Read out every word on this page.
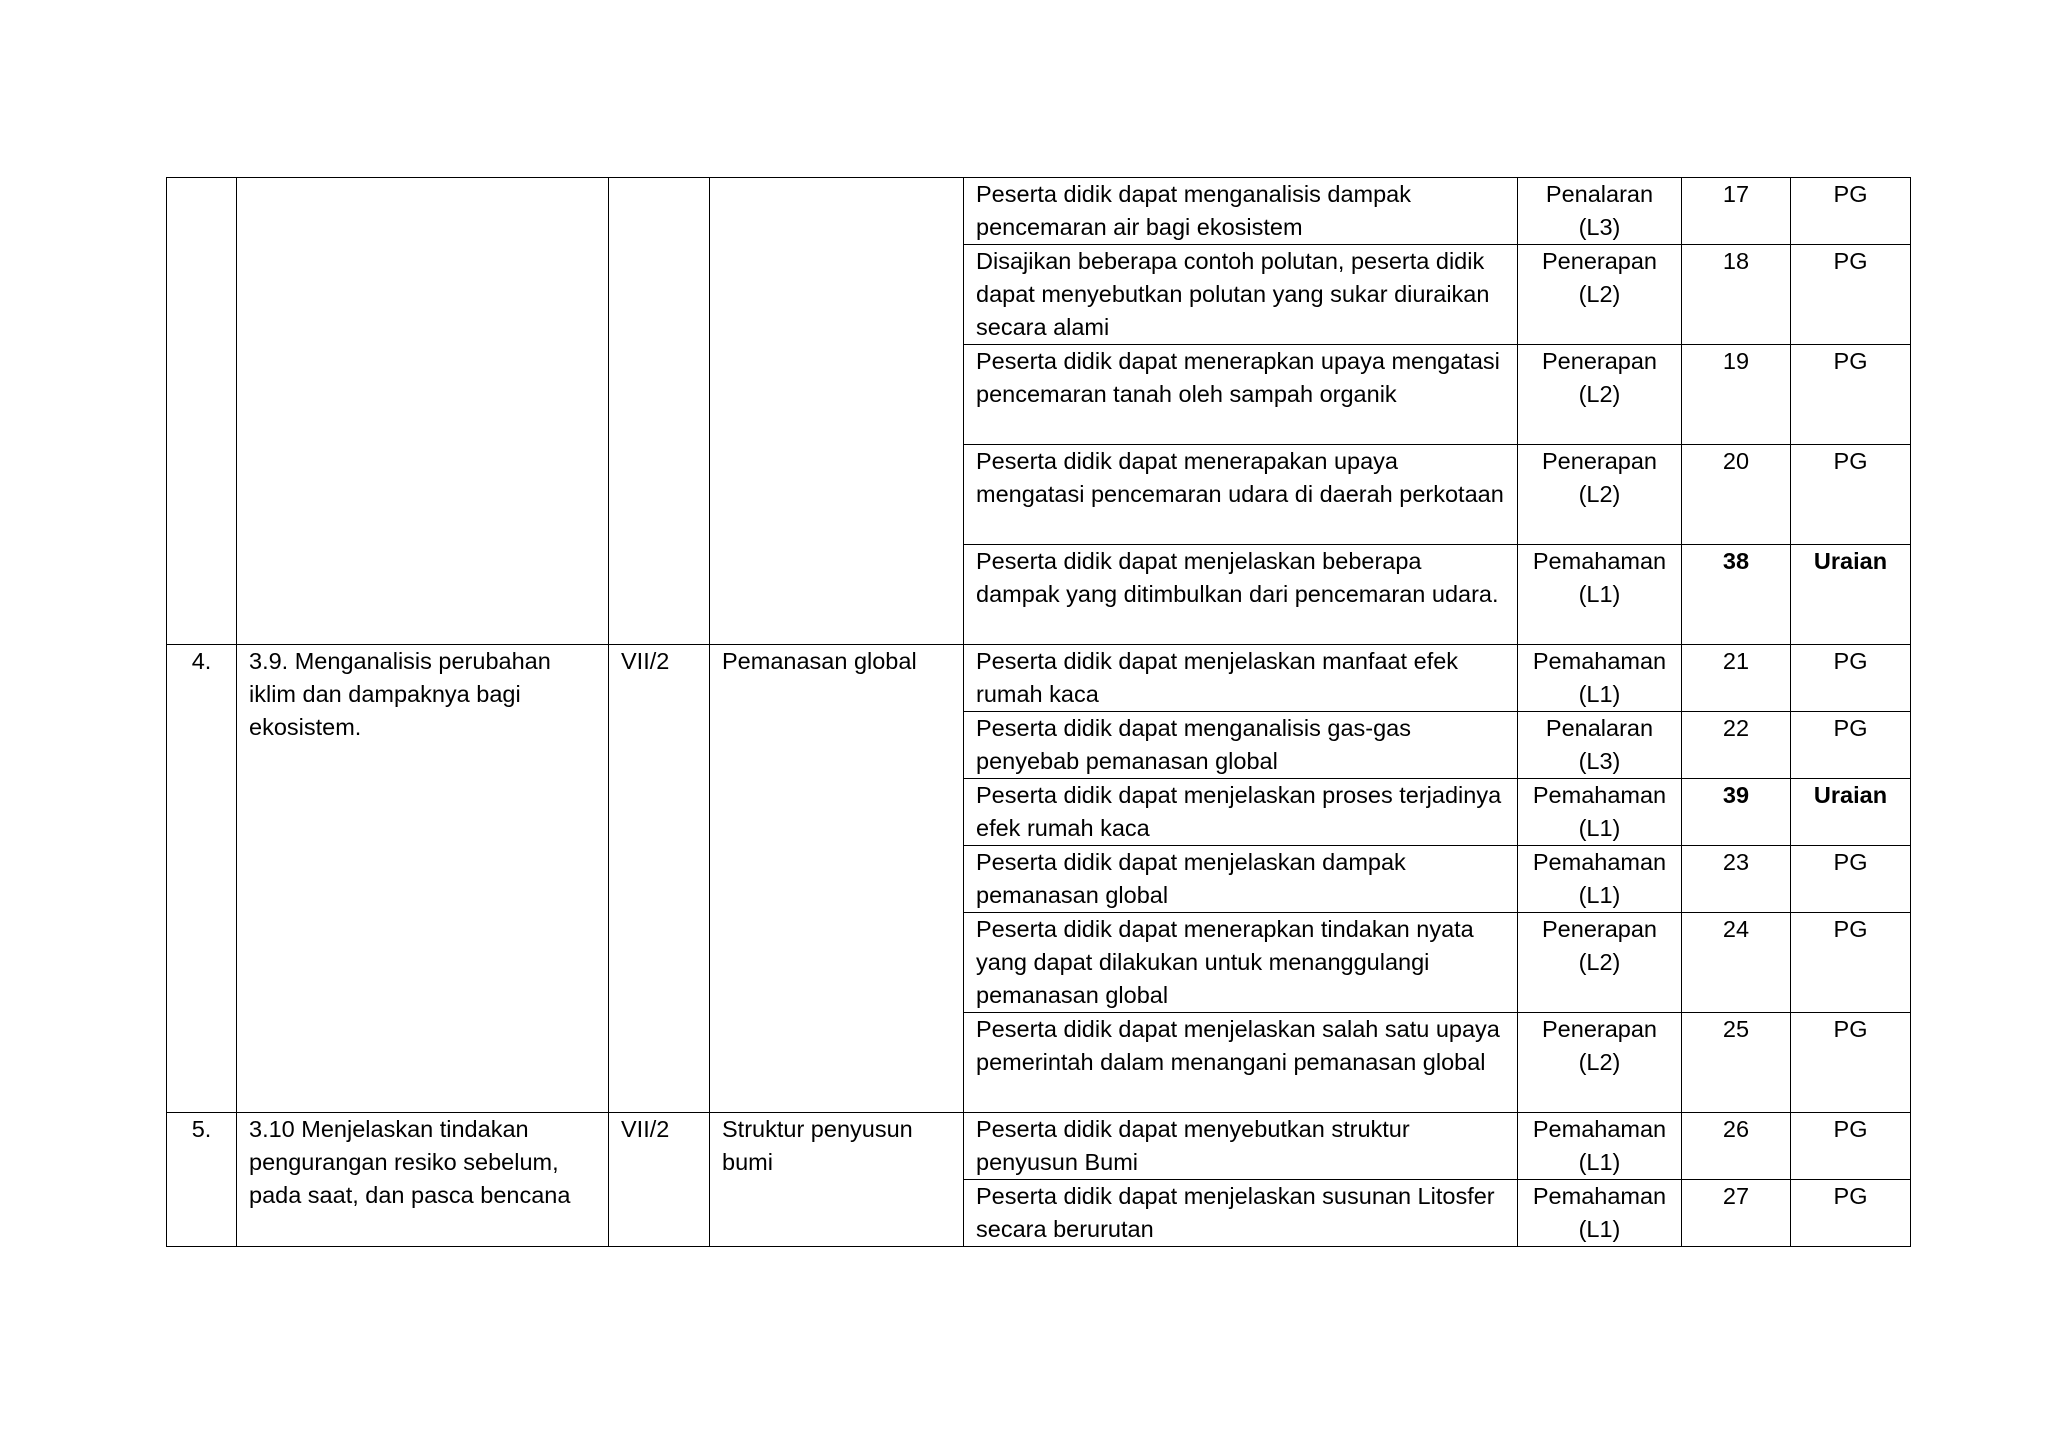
				Peserta didik dapat menganalisis dampak pencemaran air bagi ekosistem	Penalaran (L3)	17	PG

				Disajikan beberapa contoh polutan, peserta didik dapat menyebutkan polutan yang sukar diuraikan secara alami	Penerapan (L2)	18	PG

				Peserta didik dapat menerapkan upaya mengatasi pencemaran tanah oleh sampah organik	Penerapan (L2)	19	PG

				Peserta didik dapat menerapakan upaya mengatasi pencemaran udara di daerah perkotaan	Penerapan (L2)	20	PG

				Peserta didik dapat menjelaskan beberapa dampak yang ditimbulkan dari pencemaran udara.	Pemahaman (L1)	38	Uraian

4.	3.9. Menganalisis perubahan iklim dan dampaknya bagi ekosistem.	VII/2	Pemanasan global	Peserta didik dapat menjelaskan manfaat efek rumah kaca	Pemahaman (L1)	21	PG

				Peserta didik dapat menganalisis gas-gas penyebab pemanasan global	Penalaran (L3)	22	PG

				Peserta didik dapat menjelaskan proses terjadinya efek rumah kaca	Pemahaman (L1)	39	Uraian

				Peserta didik dapat menjelaskan dampak pemanasan global	Pemahaman (L1)	23	PG

				Peserta didik dapat menerapkan tindakan nyata yang dapat dilakukan untuk menanggulangi pemanasan global	Penerapan (L2)	24	PG

				Peserta didik dapat menjelaskan salah satu upaya pemerintah dalam menangani pemanasan global	Penerapan (L2)	25	PG

5.	3.10 Menjelaskan tindakan pengurangan resiko sebelum, pada saat, dan pasca bencana	VII/2	Struktur penyusun bumi	Peserta didik dapat menyebutkan struktur penyusun Bumi	Pemahaman (L1)	26	PG

				Peserta didik dapat menjelaskan susunan Litosfer secara berurutan	Pemahaman (L1)	27	PG
